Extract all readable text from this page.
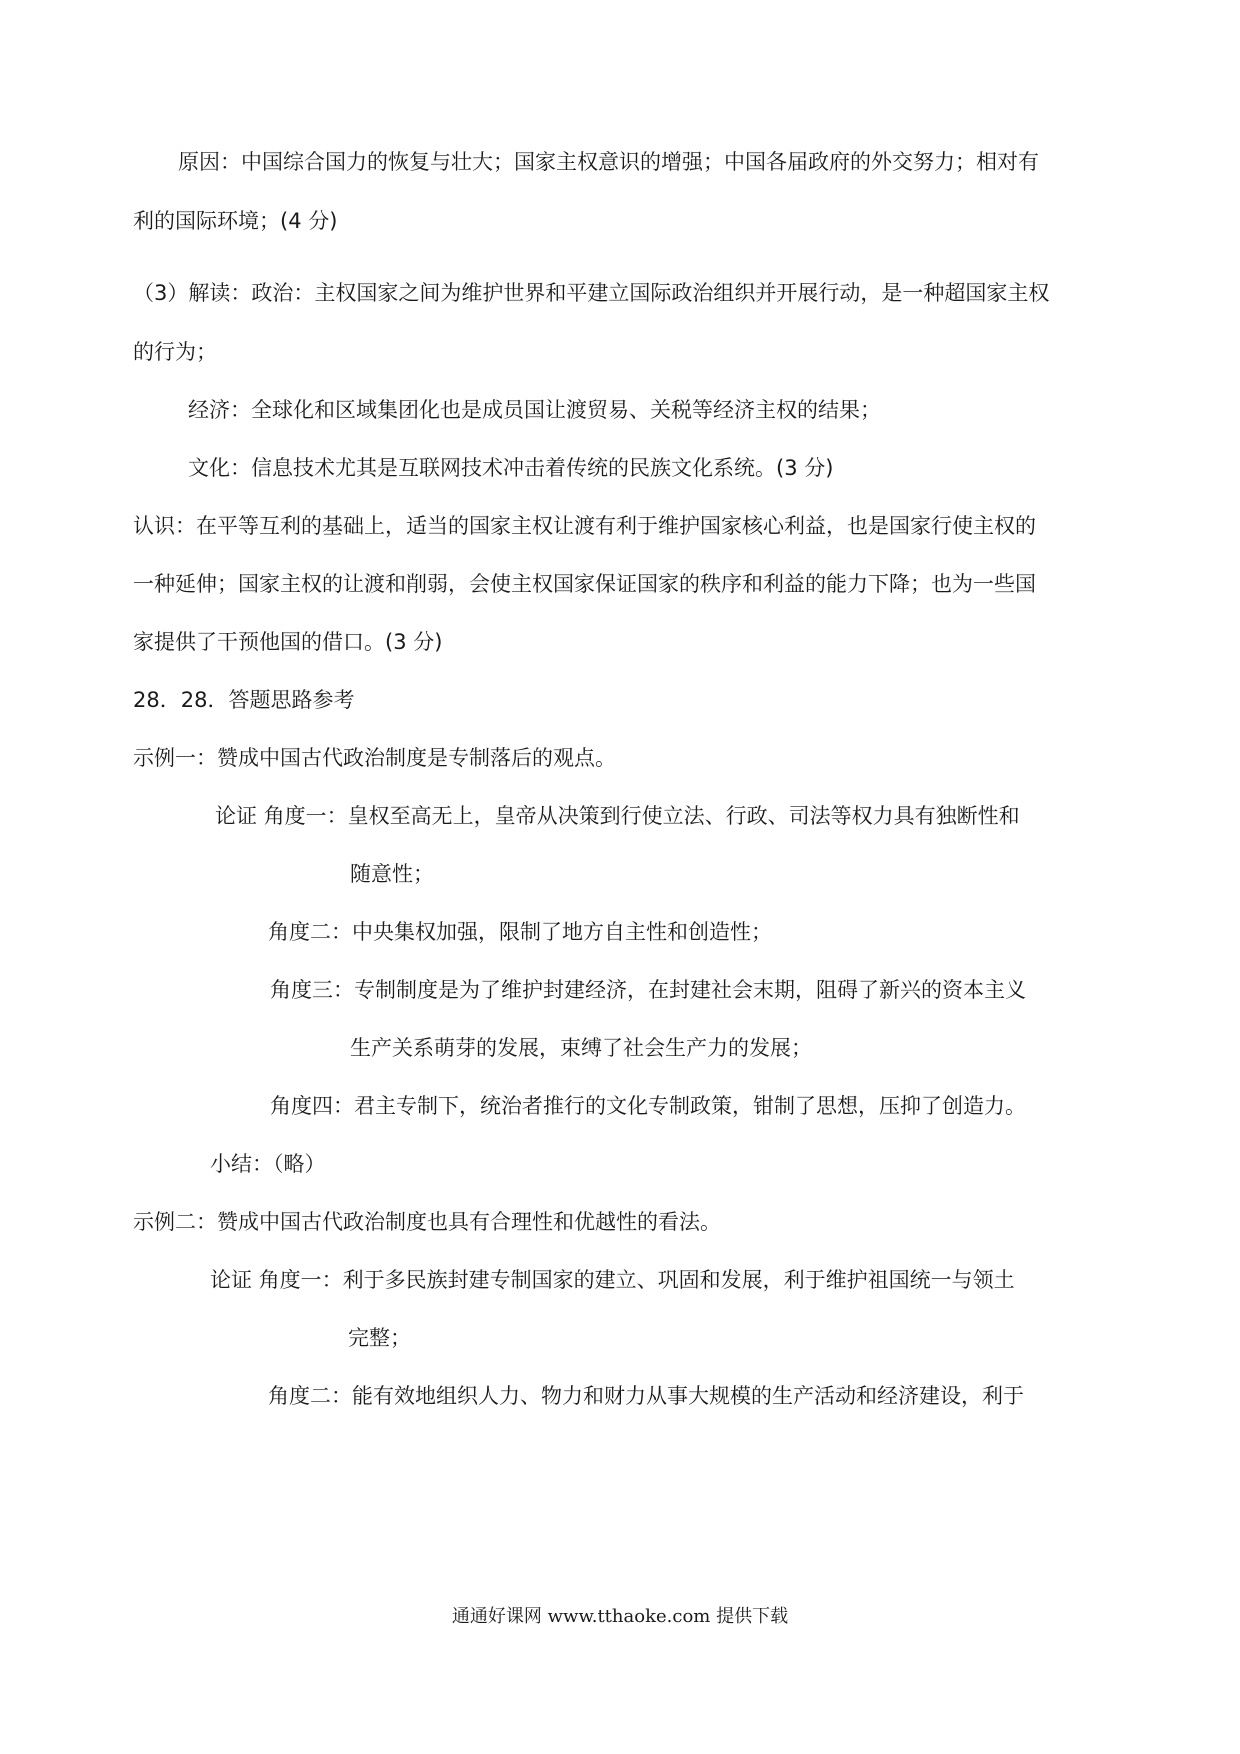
原因：中国综合国力的恢复与壮大；国家主权意识的增强；中国各届政府的外交努力；相对有
利的国际环境；(4 分)
（3）解读：政治：主权国家之间为维护世界和平建立国际政治组织并开展行动，是一种超国家主权
的行为；
经济：全球化和区域集团化也是成员国让渡贸易、关税等经济主权的结果；
文化：信息技术尤其是互联网技术冲击着传统的民族文化系统。(3 分)
认识：在平等互利的基础上，适当的国家主权让渡有利于维护国家核心利益，也是国家行使主权的
一种延伸；国家主权的让渡和削弱，会使主权国家保证国家的秩序和利益的能力下降；也为一些国
家提供了干预他国的借口。(3 分)
28．28．答题思路参考
示例一：赞成中国古代政治制度是专制落后的观点。
论证 角度一：皇权至高无上，皇帝从决策到行使立法、行政、司法等权力具有独断性和
随意性；
角度二：中央集权加强，限制了地方自主性和创造性；
角度三：专制制度是为了维护封建经济，在封建社会末期，阻碍了新兴的资本主义
生产关系萌芽的发展，束缚了社会生产力的发展；
角度四：君主专制下，统治者推行的文化专制政策，钳制了思想，压抑了创造力。
小结：（略）
示例二：赞成中国古代政治制度也具有合理性和优越性的看法。
论证 角度一：利于多民族封建专制国家的建立、巩固和发展，利于维护祖国统一与领土
完整；
角度二：能有效地组织人力、物力和财力从事大规模的生产活动和经济建设，利于
通通好课网 www.tthaoke.com 提供下载
